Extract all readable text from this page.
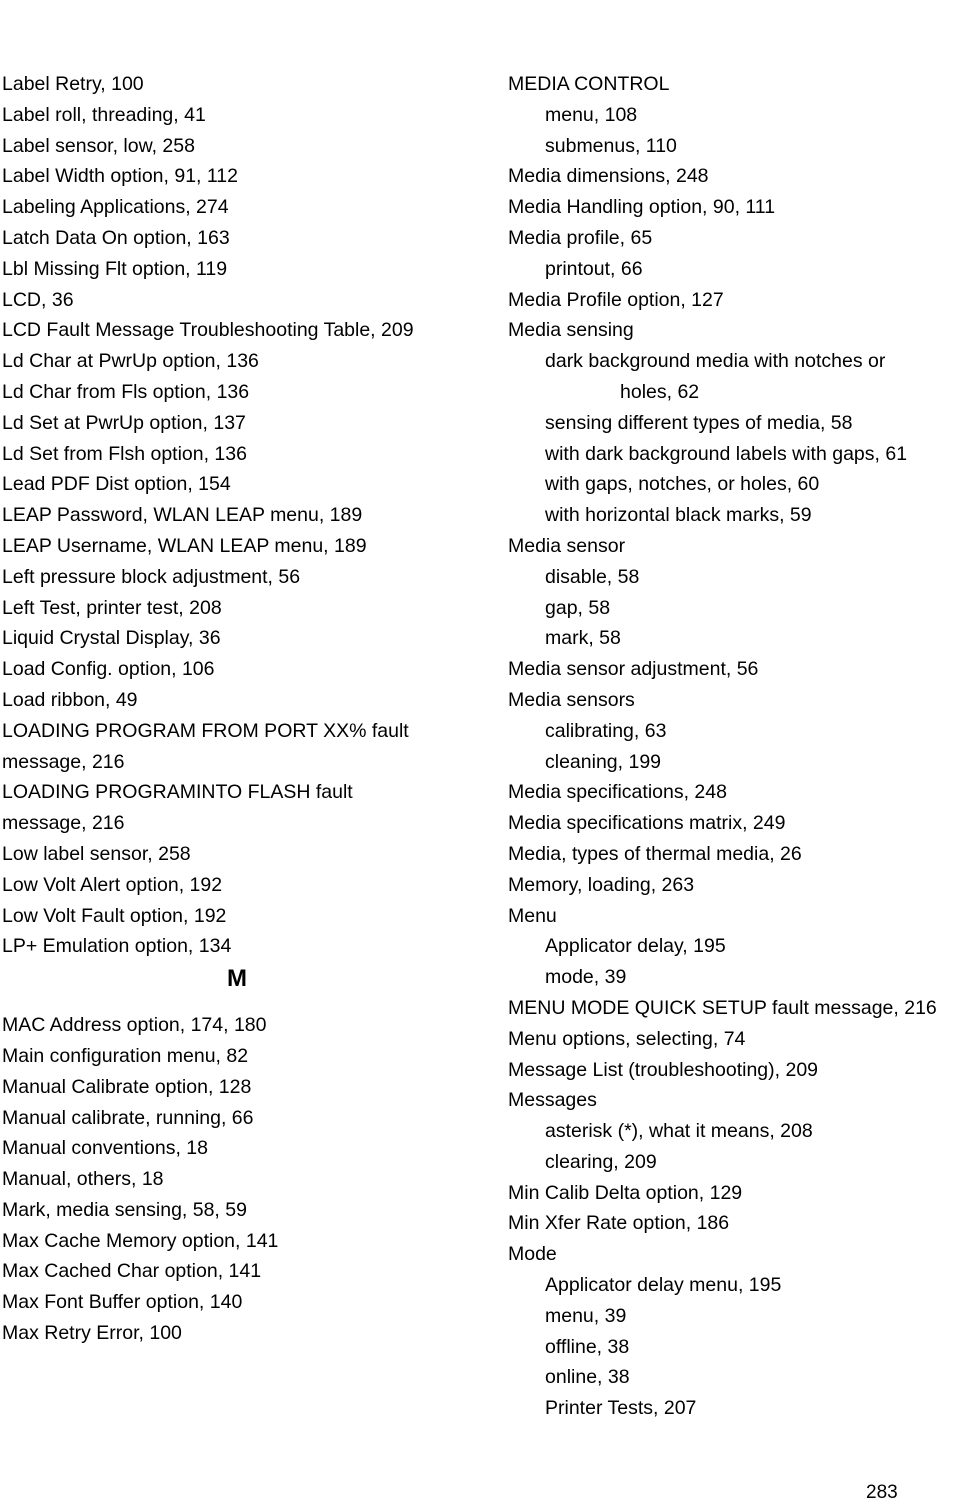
Label Retry, 100
Label roll, threading, 41
Label sensor, low, 258
Label Width option, 91, 112
Labeling Applications, 274
Latch Data On option, 163
Lbl Missing Flt option, 119
LCD, 36
LCD Fault Message Troubleshooting Table, 209
Ld Char at PwrUp option, 136
Ld Char from Fls option, 136
Ld Set at PwrUp option, 137
Ld Set from Flsh option, 136
Lead PDF Dist option, 154
LEAP Password, WLAN LEAP menu, 189
LEAP Username, WLAN LEAP menu, 189
Left pressure block adjustment, 56
Left Test, printer test, 208
Liquid Crystal Display, 36
Load Config. option, 106
Load ribbon, 49
LOADING PROGRAM FROM PORT XX% fault
message, 216
LOADING PROGRAMINTO FLASH fault
message, 216
Low label sensor, 258
Low Volt Alert option, 192
Low Volt Fault option, 192
LP+ Emulation option, 134
M
MAC Address option, 174, 180
Main configuration menu, 82
Manual Calibrate option, 128
Manual calibrate, running, 66
Manual conventions, 18
Manual, others, 18
Mark, media sensing, 58, 59
Max Cache Memory option, 141
Max Cached Char option, 141
Max Font Buffer option, 140
Max Retry Error, 100
MEDIA CONTROL
menu, 108
submenus, 110
Media dimensions, 248
Media Handling option, 90, 111
Media profile, 65
printout, 66
Media Profile option, 127
Media sensing
dark background media with notches or
holes, 62
sensing different types of media, 58
with dark background labels with gaps, 61
with gaps, notches, or holes, 60
with horizontal black marks, 59
Media sensor
disable, 58
gap, 58
mark, 58
Media sensor adjustment, 56
Media sensors
calibrating, 63
cleaning, 199
Media specifications, 248
Media specifications matrix, 249
Media, types of thermal media, 26
Memory, loading, 263
Menu
Applicator delay, 195
mode, 39
MENU MODE QUICK SETUP fault message, 216
Menu options, selecting, 74
Message List (troubleshooting), 209
Messages
asterisk (*), what it means, 208
clearing, 209
Min Calib Delta option, 129
Min Xfer Rate option, 186
Mode
Applicator delay menu, 195
menu, 39
offline, 38
online, 38
Printer Tests, 207
283
